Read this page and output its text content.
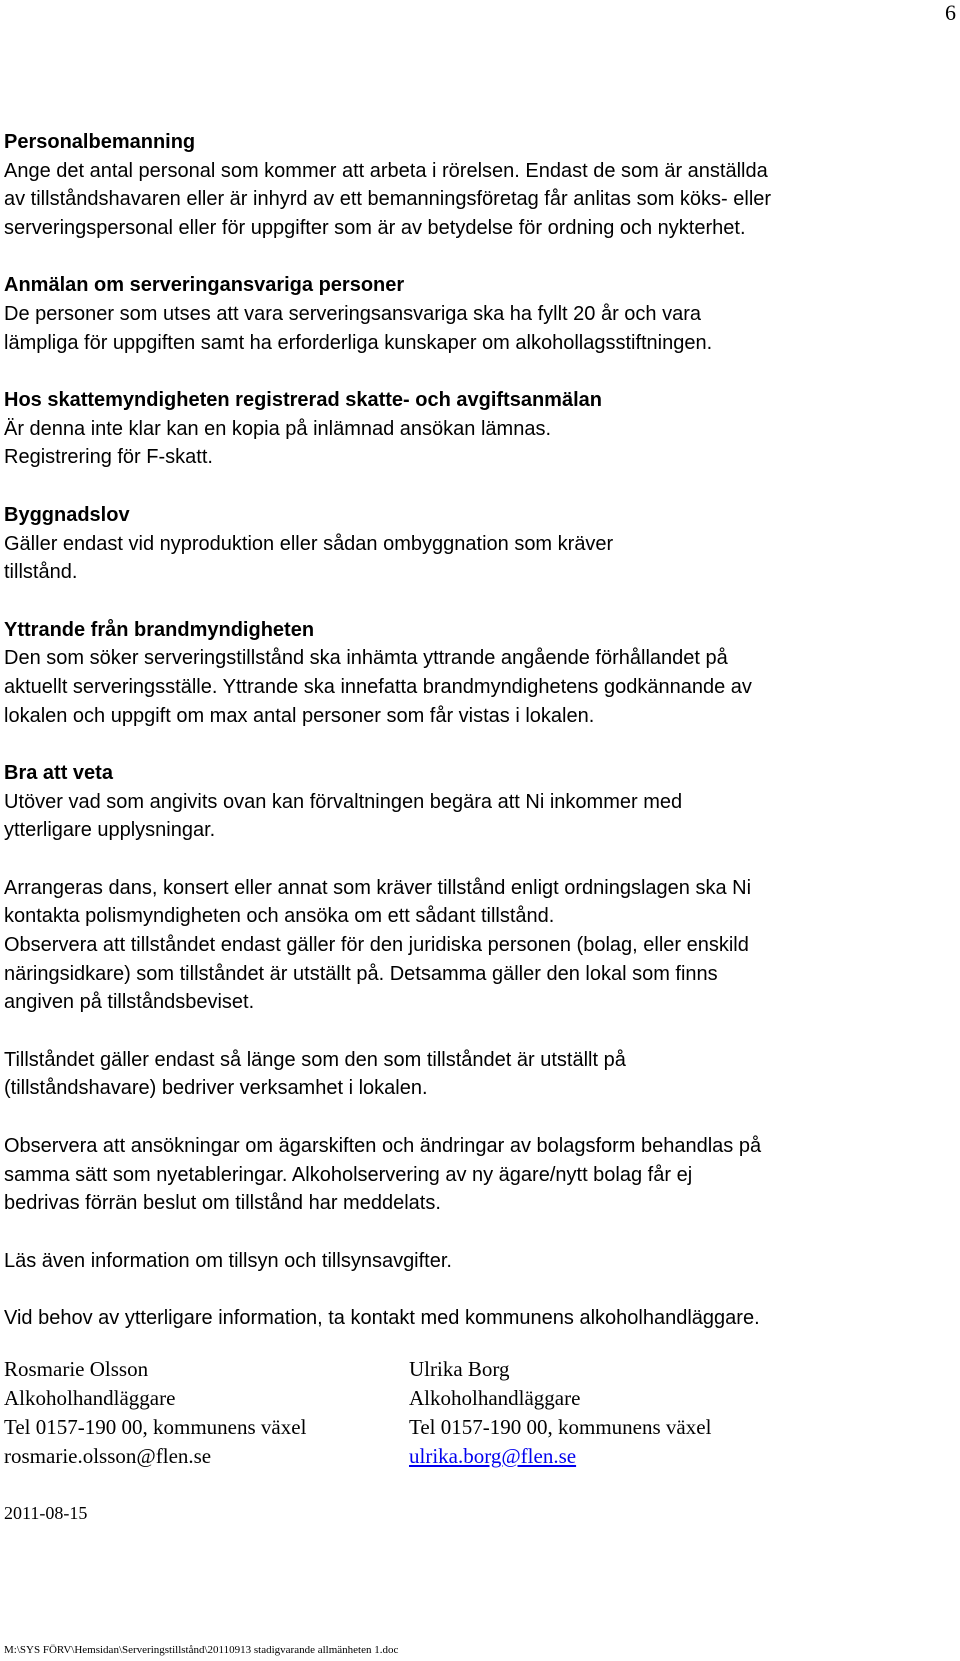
6
Personalbemanning
Ange det antal personal som kommer att arbeta i rörelsen. Endast de som är anställda
av tillståndshavaren eller är inhyrd av ett bemanningsföretag får anlitas som köks- eller
serveringspersonal eller för uppgifter som är av betydelse för ordning och nykterhet.
Anmälan om serveringansvariga personer
De personer som utses att vara serveringsansvariga ska ha fyllt 20 år och vara
lämpliga för uppgiften samt ha erforderliga kunskaper om alkohollagsstiftningen.
Hos skattemyndigheten registrerad skatte- och avgiftsanmälan
Är denna inte klar kan en kopia på inlämnad ansökan lämnas.
Registrering för F-skatt.
Byggnadslov
Gäller endast vid nyproduktion eller sådan ombyggnation som kräver
tillstånd.
Yttrande från brandmyndigheten
Den som söker serveringstillstånd ska inhämta yttrande angående förhållandet på
aktuellt serveringsställe. Yttrande ska innefatta brandmyndighetens godkännande av
lokalen och uppgift om max antal personer som får vistas i lokalen.
Bra att veta
Utöver vad som angivits ovan kan förvaltningen begära att Ni inkommer med
ytterligare upplysningar.
Arrangeras dans, konsert eller annat som kräver tillstånd enligt ordningslagen ska Ni
kontakta polismyndigheten och ansöka om ett sådant tillstånd.
Observera att tillståndet endast gäller för den juridiska personen (bolag, eller enskild
näringsidkare) som tillståndet är utställt på. Detsamma gäller den lokal som finns
angiven på tillståndsbeviset.
Tillståndet gäller endast så länge som den som tillståndet är utställt på
(tillståndshavare) bedriver verksamhet i lokalen.
Observera att ansökningar om ägarskiften och ändringar av bolagsform behandlas på
samma sätt som nyetableringar. Alkoholservering av ny ägare/nytt bolag får ej
bedrivas förrän beslut om tillstånd har meddelats.
Läs även information om tillsyn och tillsynsavgifter.
Vid behov av ytterligare information, ta kontakt med kommunens alkoholhandläggare.
Rosmarie Olsson
Alkoholhandläggare
Tel 0157-190 00, kommunens växel
rosmarie.olsson@flen.se
Ulrika Borg
Alkoholhandläggare
Tel 0157-190 00, kommunens växel
ulrika.borg@flen.se
2011-08-15
M:\SYS FÖRV\Hemsidan\Serveringstillstånd\20110913 stadigvarande allmänheten 1.doc
